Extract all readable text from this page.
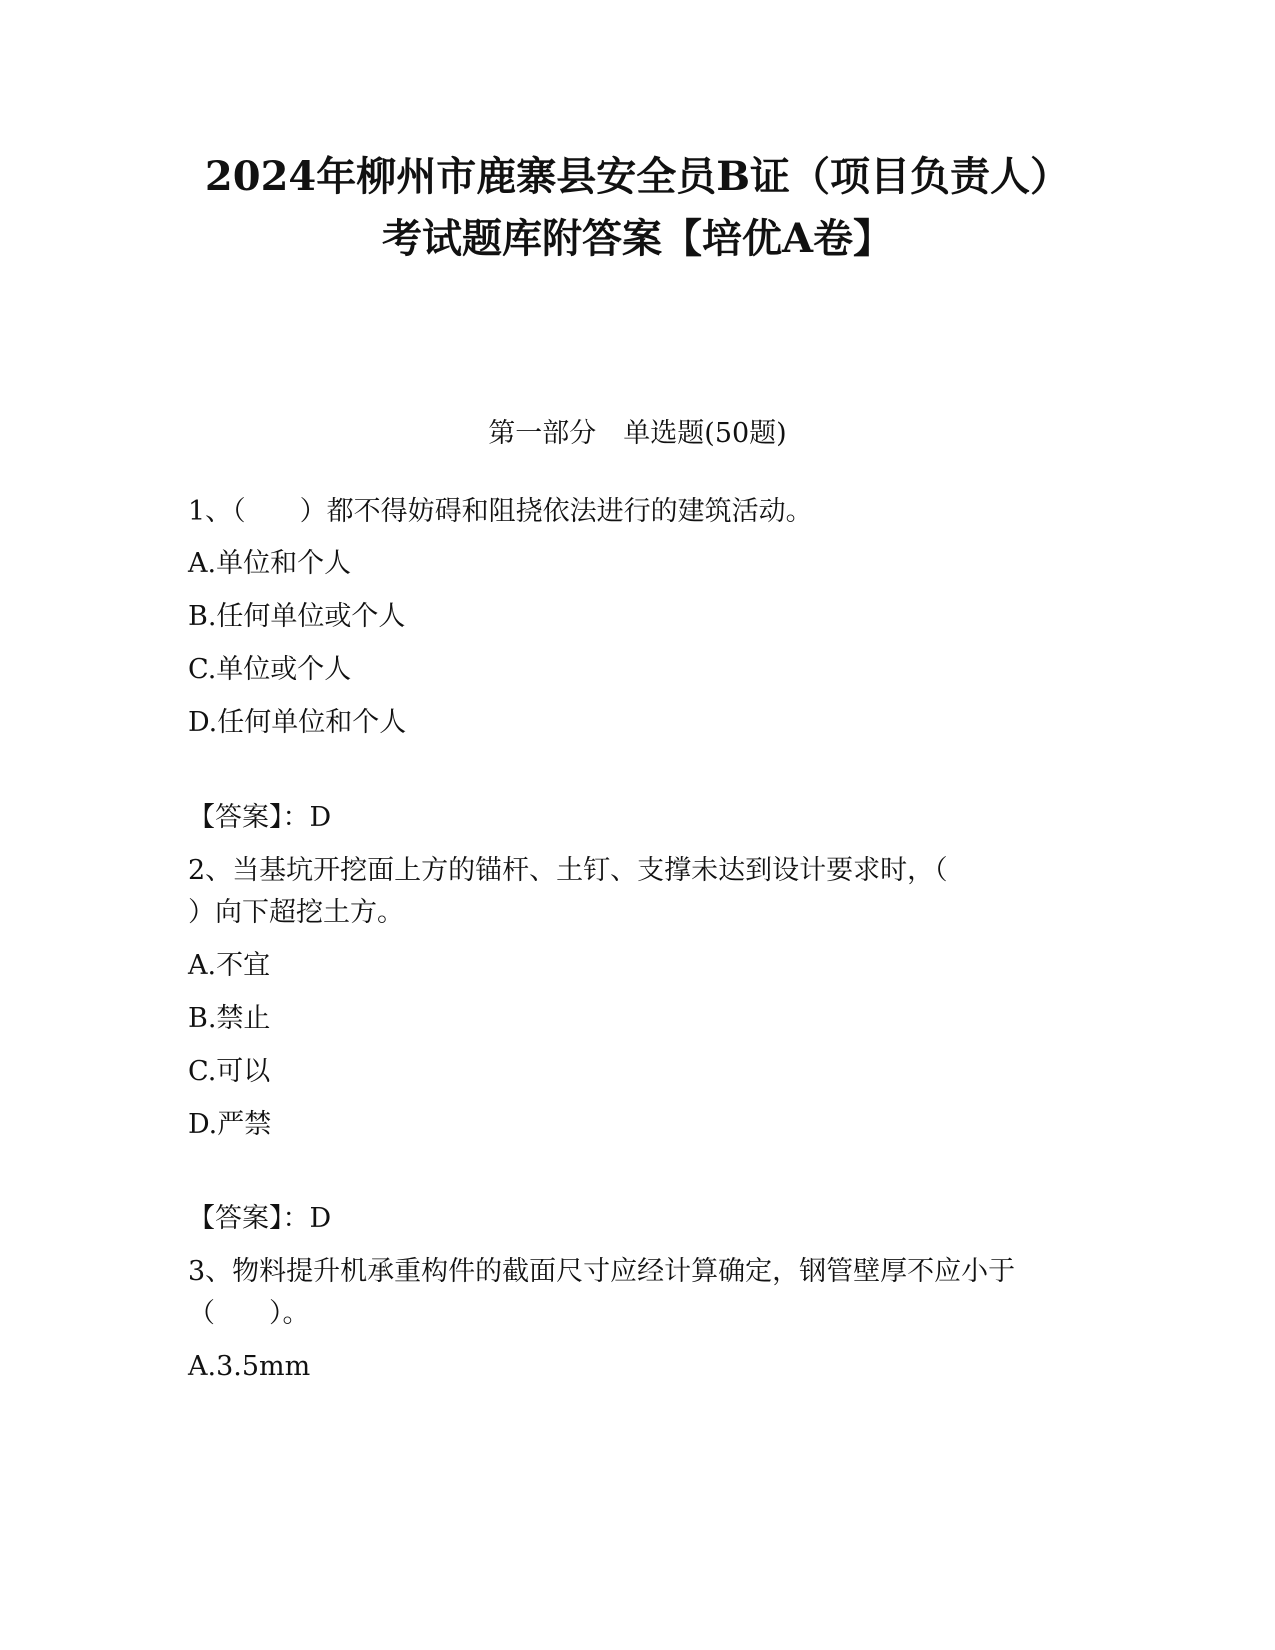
2024年柳州市鹿寨县安全员B证（项目负责人）
考试题库附答案【培优A卷】
第一部分　单选题(50题)
1、（　　）都不得妨碍和阻挠依法进行的建筑活动。
A.单位和个人
B.任何单位或个人
C.单位或个人
D.任何单位和个人
【答案】：D
2、当基坑开挖面上方的锚杆、土钉、支撑未达到设计要求时，（
）向下超挖土方。
A.不宜
B.禁止
C.可以
D.严禁
【答案】：D
3、物料提升机承重构件的截面尺寸应经计算确定，钢管壁厚不应小于
（　　）。
A.3.5mm
